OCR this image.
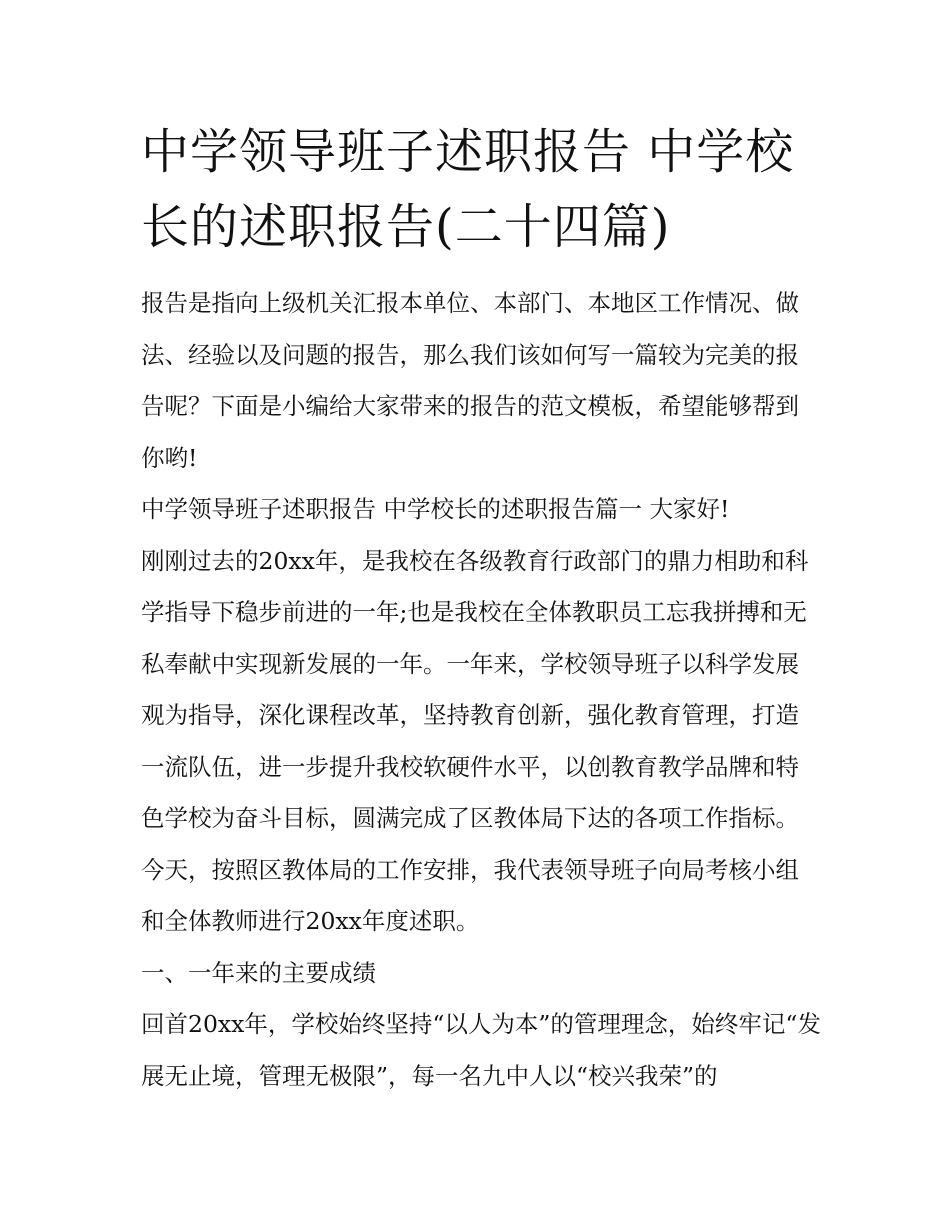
中学领导班子述职报告 中学校长的述职报告(二十四篇)

报告是指向上级机关汇报本单位、本部门、本地区工作情况、做法、经验以及问题的报告，那么我们该如何写一篇较为完美的报告呢？下面是小编给大家带来的报告的范文模板，希望能够帮到你哟!

中学领导班子述职报告 中学校长的述职报告篇一 大家好!

刚刚过去的20xx年，是我校在各级教育行政部门的鼎力相助和科学指导下稳步前进的一年;也是我校在全体教职员工忘我拼搏和无私奉献中实现新发展的一年。一年来，学校领导班子以科学发展观为指导，深化课程改革，坚持教育创新，强化教育管理，打造一流队伍，进一步提升我校软硬件水平，以创教育教学品牌和特色学校为奋斗目标，圆满完成了区教体局下达的各项工作指标。今天，按照区教体局的工作安排，我代表领导班子向局考核小组和全体教师进行20xx年度述职。

一、一年来的主要成绩

回首20xx年，学校始终坚持“以人为本”的管理理念，始终牢记“发展无止境，管理无极限”，每一名九中人以“校兴我荣”的
